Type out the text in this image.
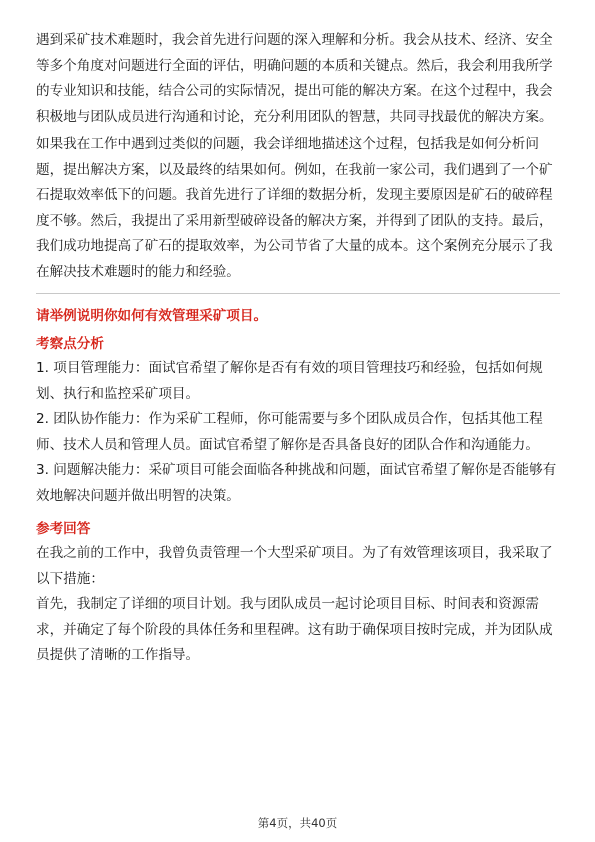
遇到采矿技术难题时，我会首先进行问题的深入理解和分析。我会从技术、经济、安全等多个角度对问题进行全面的评估，明确问题的本质和关键点。然后，我会利用我所学的专业知识和技能，结合公司的实际情况，提出可能的解决方案。在这个过程中，我会积极地与团队成员进行沟通和讨论，充分利用团队的智慧，共同寻找最优的解决方案。

如果我在工作中遇到过类似的问题，我会详细地描述这个过程，包括我是如何分析问题，提出解决方案，以及最终的结果如何。例如，在我前一家公司，我们遇到了一个矿石提取效率低下的问题。我首先进行了详细的数据分析，发现主要原因是矿石的破碎程度不够。然后，我提出了采用新型破碎设备的解决方案，并得到了团队的支持。最后，我们成功地提高了矿石的提取效率，为公司节省了大量的成本。这个案例充分展示了我在解决技术难题时的能力和经验。

请举例说明你如何有效管理采矿项目。
考察点分析

1. 项目管理能力：面试官希望了解你是否有有效的项目管理技巧和经验，包括如何规划、执行和监控采矿项目。

2. 团队协作能力：作为采矿工程师，你可能需要与多个团队成员合作，包括其他工程师、技术人员和管理人员。面试官希望了解你是否具备良好的团队合作和沟通能力。

3. 问题解决能力：采矿项目可能会面临各种挑战和问题，面试官希望了解你是否能够有效地解决问题并做出明智的决策。

参考回答

在我之前的工作中，我曾负责管理一个大型采矿项目。为了有效管理该项目，我采取了以下措施：

首先，我制定了详细的项目计划。我与团队成员一起讨论项目目标、时间表和资源需求，并确定了每个阶段的具体任务和里程碑。这有助于确保项目按时完成，并为团队成员提供了清晰的工作指导。

第4页，共40页
